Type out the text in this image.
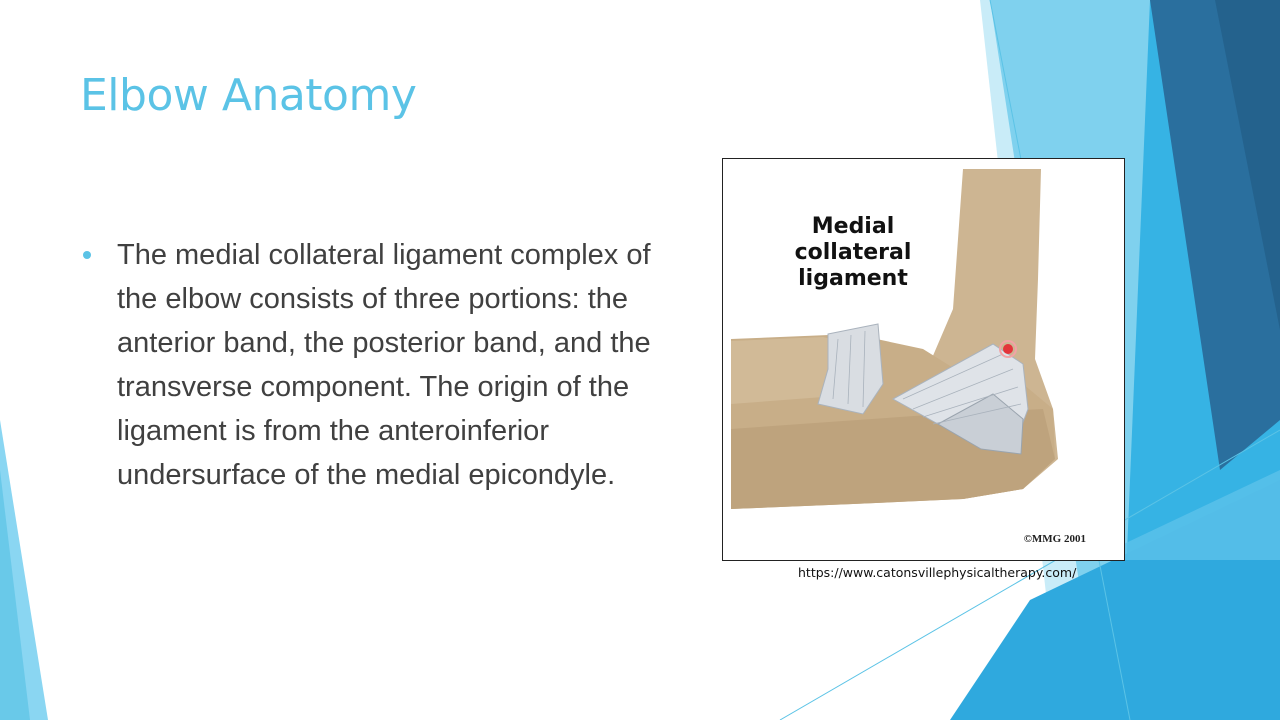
Elbow Anatomy
The medial collateral ligament complex of the elbow consists of three portions: the anterior band, the posterior band, and the transverse component. The origin of the ligament is from the anteroinferior undersurface of the medial epicondyle.
Medial collateral ligament
©MMG 2001
https://www.catonsvillephysicaltherapy.com/
